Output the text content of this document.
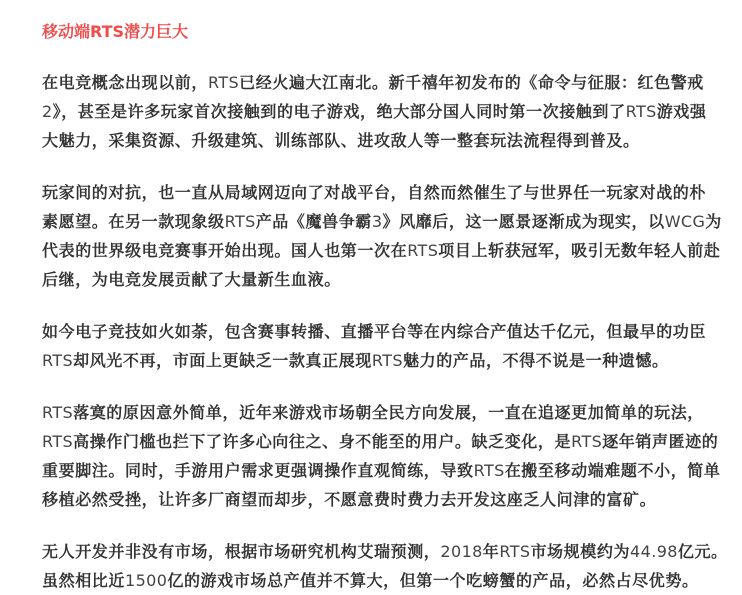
移动端RTS潜力巨大

在电竞概念出现以前，RTS已经火遍大江南北。新千禧年初发布的《命令与征服：红色警戒
2》，甚至是许多玩家首次接触到的电子游戏，绝大部分国人同时第一次接触到了RTS游戏强
大魅力，采集资源、升级建筑、训练部队、进攻敌人等一整套玩法流程得到普及。

玩家间的对抗，也一直从局域网迈向了对战平台，自然而然催生了与世界任一玩家对战的朴
素愿望。在另一款现象级RTS产品《魔兽争霸3》风靡后，这一愿景逐渐成为现实，以WCG为
代表的世界级电竞赛事开始出现。国人也第一次在RTS项目上斩获冠军，吸引无数年轻人前赴
后继，为电竞发展贡献了大量新生血液。

如今电子竞技如火如荼，包含赛事转播、直播平台等在内综合产值达千亿元，但最早的功臣
RTS却风光不再，市面上更缺乏一款真正展现RTS魅力的产品，不得不说是一种遗憾。

RTS落寞的原因意外简单，近年来游戏市场朝全民方向发展，一直在追逐更加简单的玩法，
RTS高操作门槛也拦下了许多心向往之、身不能至的用户。缺乏变化，是RTS逐年销声匿迹的
重要脚注。同时，手游用户需求更强调操作直观简练，导致RTS在搬至移动端难题不小，简单
移植必然受挫，让许多厂商望而却步，不愿意费时费力去开发这座乏人问津的富矿。

无人开发并非没有市场，根据市场研究机构艾瑞预测，2018年RTS市场规模约为44.98亿元。
虽然相比近1500亿的游戏市场总产值并不算大，但第一个吃螃蟹的产品，必然占尽优势。
